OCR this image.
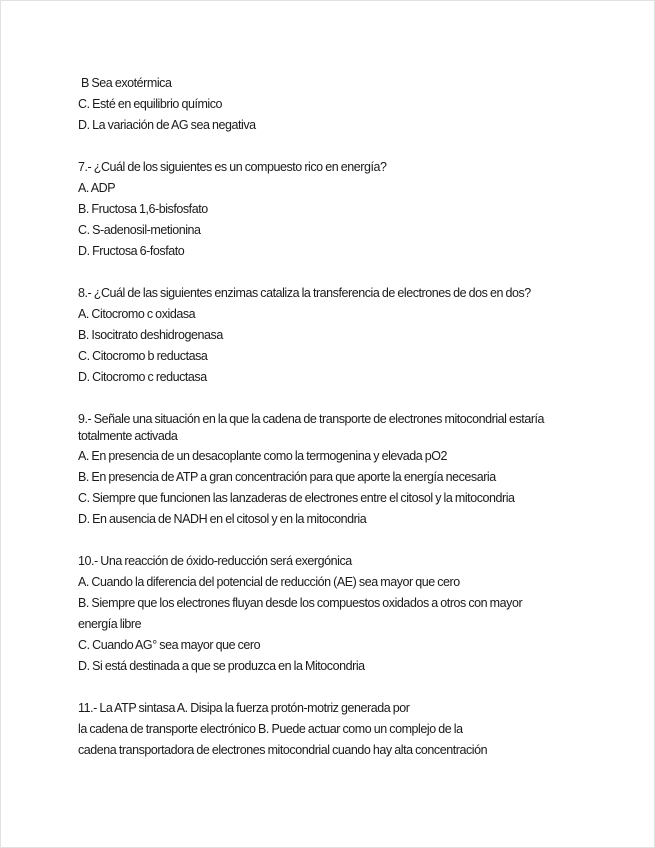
B Sea exotérmica
C. Esté en equilibrio químico
D. La variación de AG sea negativa
7.- ¿Cuál de los siguientes es un compuesto rico en energía?
A. ADP
B. Fructosa 1,6-bisfosfato
C. S-adenosil-metionina
D. Fructosa 6-fosfato
8.- ¿Cuál de las siguientes enzimas cataliza la transferencia de electrones de dos en dos?
A. Citocromo c oxidasa
B. Isocitrato deshidrogenasa
C. Citocromo b reductasa
D. Citocromo c reductasa
9.- Señale una situación en la que la cadena de transporte de electrones mitocondrial estaría totalmente activada
A. En presencia de un desacoplante como la termogenina y elevada pO2
B. En presencia de ATP a gran concentración para que aporte la energía necesaria
C. Siempre que funcionen las lanzaderas de electrones entre el citosol y la mitocondria
D. En ausencia de NADH en el citosol y en la mitocondria
10.- Una reacción de óxido-reducción será exergónica
A. Cuando la diferencia del potencial de reducción (AE) sea mayor que cero
B. Siempre que los electrones fluyan desde los compuestos oxidados a otros con mayor
energía libre
C. Cuando AG° sea mayor que cero
D. Si está destinada a que se produzca en la Mitocondria
11.- La ATP sintasa A. Disipa la fuerza protón-motriz generada por
la cadena de transporte electrónico B. Puede actuar como un complejo de la
cadena transportadora de electrones mitocondrial cuando hay alta concentración
